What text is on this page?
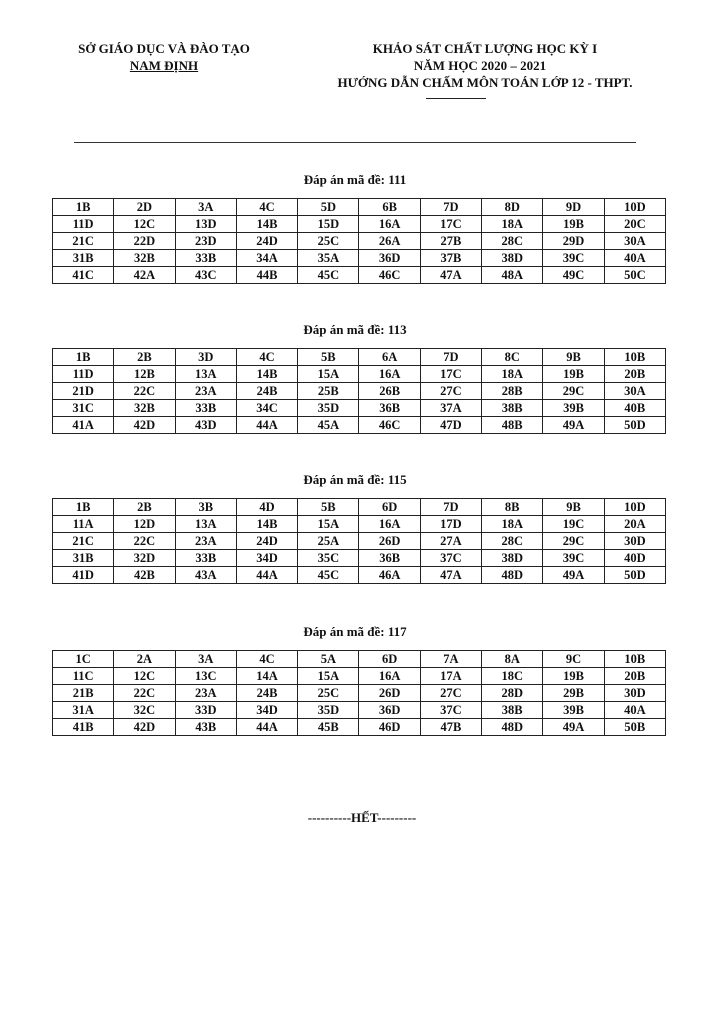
SỞ GIÁO DỤC VÀ ĐÀO TẠO
NAM ĐỊNH
KHẢO SÁT CHẤT LƯỢNG HỌC KỲ I
NĂM HỌC 2020 – 2021
HƯỚNG DẪN CHẤM MÔN TOÁN LỚP 12 - THPT.
Đáp án mã đề: 111
1B	2D	3A	4C	5D	6B	7D	8D	9D	10D
11D	12C	13D	14B	15D	16A	17C	18A	19B	20C
21C	22D	23D	24D	25C	26A	27B	28C	29D	30A
31B	32B	33B	34A	35A	36D	37B	38D	39C	40A
41C	42A	43C	44B	45C	46C	47A	48A	49C	50C
Đáp án mã đề: 113
1B	2B	3D	4C	5B	6A	7D	8C	9B	10B
11D	12B	13A	14B	15A	16A	17C	18A	19B	20B
21D	22C	23A	24B	25B	26B	27C	28B	29C	30A
31C	32B	33B	34C	35D	36B	37A	38B	39B	40B
41A	42D	43D	44A	45A	46C	47D	48B	49A	50D
Đáp án mã đề: 115
1B	2B	3B	4D	5B	6D	7D	8B	9B	10D
11A	12D	13A	14B	15A	16A	17D	18A	19C	20A
21C	22C	23A	24D	25A	26D	27A	28C	29C	30D
31B	32D	33B	34D	35C	36B	37C	38D	39C	40D
41D	42B	43A	44A	45C	46A	47A	48D	49A	50D
Đáp án mã đề: 117
1C	2A	3A	4C	5A	6D	7A	8A	9C	10B
11C	12C	13C	14A	15A	16A	17A	18C	19B	20B
21B	22C	23A	24B	25C	26D	27C	28D	29B	30D
31A	32C	33D	34D	35D	36D	37C	38B	39B	40A
41B	42D	43B	44A	45B	46D	47B	48D	49A	50B
----------HẾT---------
